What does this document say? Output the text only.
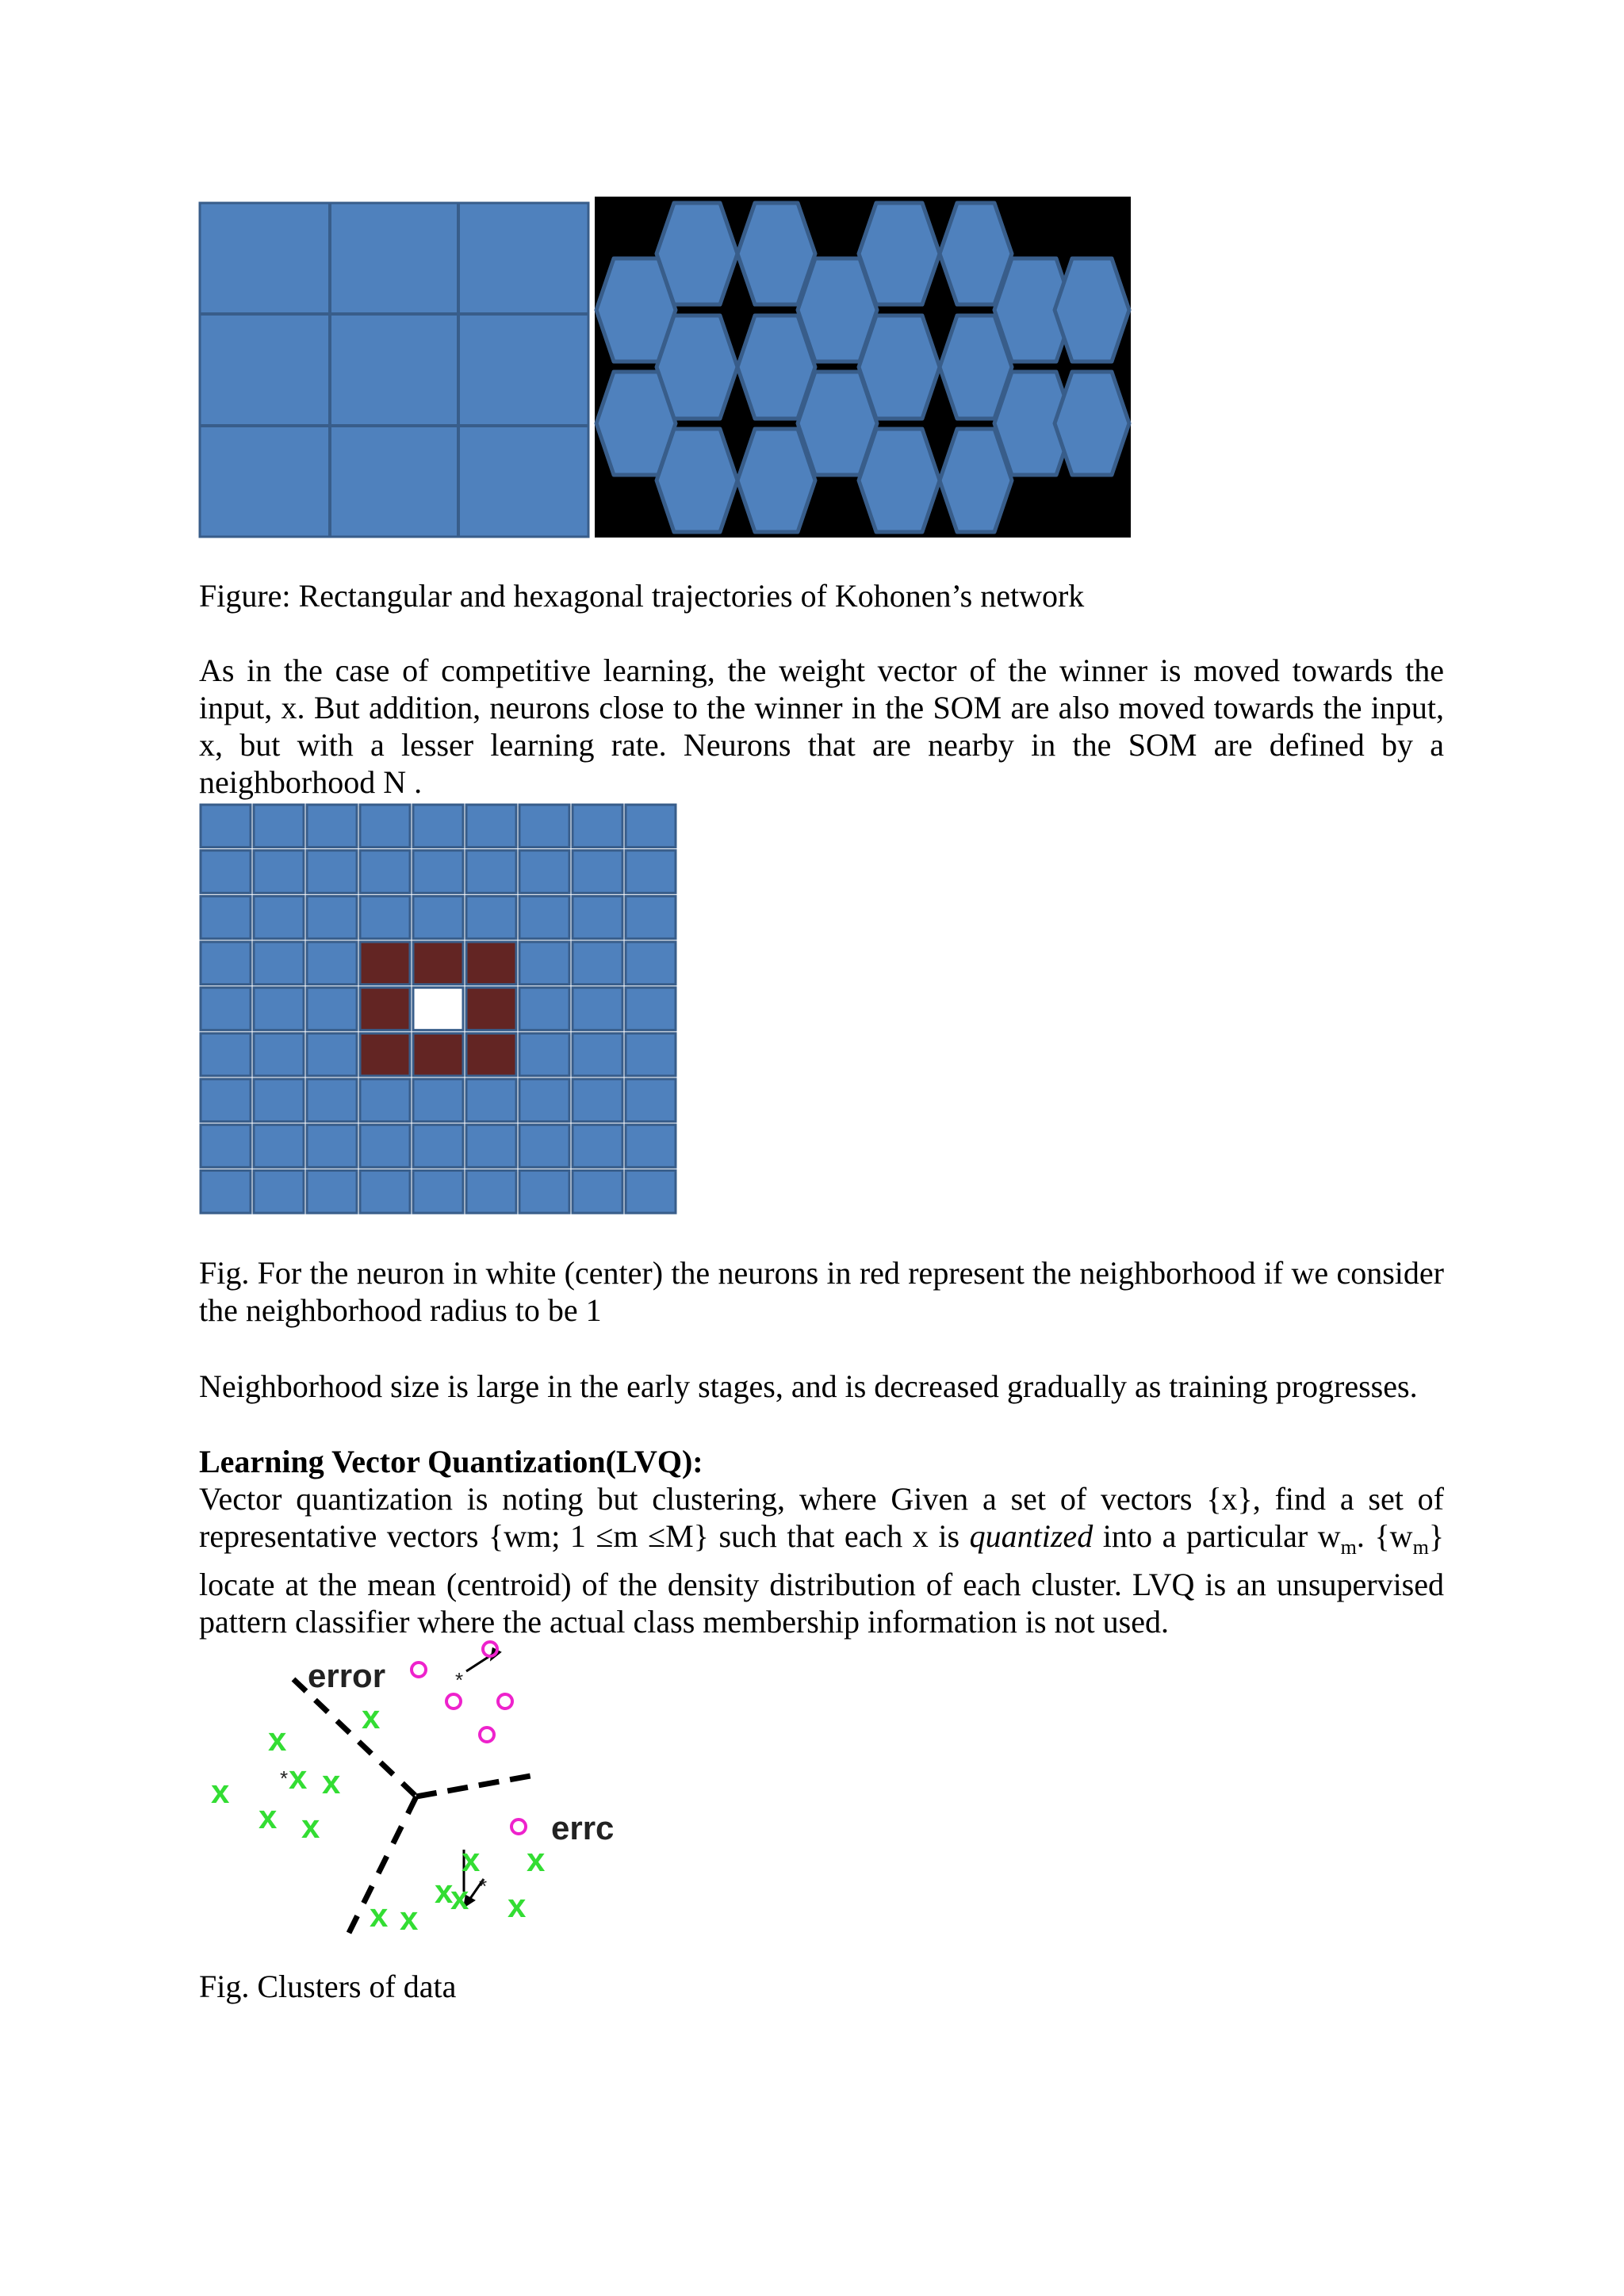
Figure: Rectangular and hexagonal trajectories of Kohonen’s network
As in the case of competitive learning, the weight vector of the winner is moved towards the input, x. But addition, neurons close to the winner in the SOM are also moved towards the input, x, but with a lesser learning rate. Neurons that are nearby in the SOM are defined by a neighborhood N .
Fig. For the neuron in white (center) the neurons in red represent the neighborhood if we consider the neighborhood radius to be 1
Neighborhood size is large in the early stages, and is decreased gradually as training progresses.
Learning Vector Quantization(LVQ):
Vector quantization is noting but clustering, where Given a set of vectors {x}, find a set of representative vectors {wm; 1 ≤m ≤M} such that each x is quantized into a particular $w_m$. $\{w_m\}$ locate at the mean (centroid) of the density distribution of each cluster. LVQ is an unsupervised pattern classifier where the actual class membership information is not used.
error
errc
x
x
x x
x
x x
x x
x
x x
x x
*
*
*
Fig. Clusters of data
